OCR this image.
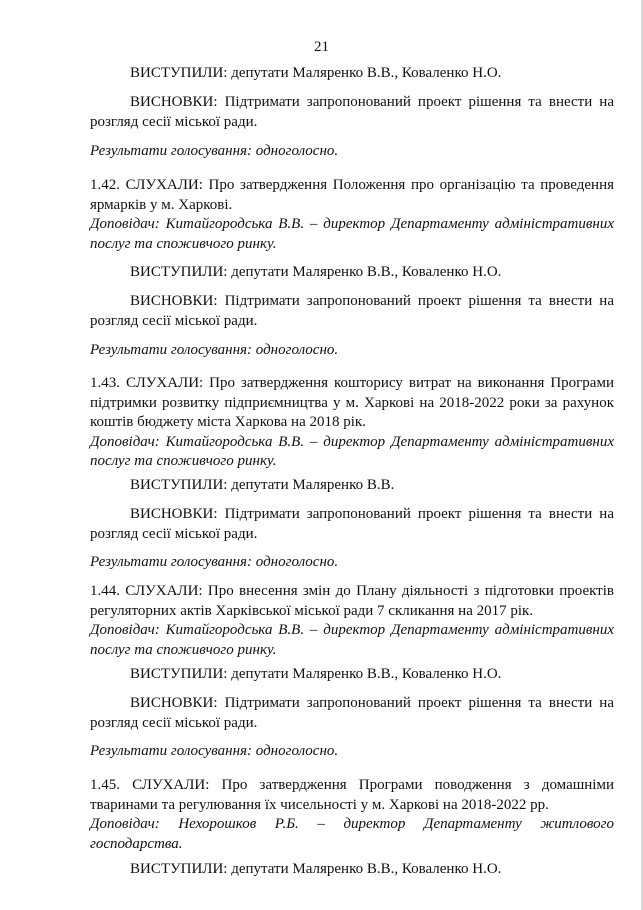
21
ВИСТУПИЛИ: депутати Маляренко В.В., Коваленко Н.О.
ВИСНОВКИ: Підтримати запропонований проект рішення та внести на
розгляд сесії міської ради.
Результати голосування: одноголосно.
1.42. СЛУХАЛИ: Про затвердження Положення про організацію та проведення
ярмарків у м. Харкові.
Доповідач: Китайгородська В.В. – директор Департаменту адміністративних
послуг та споживчого ринку.
ВИСТУПИЛИ: депутати Маляренко В.В., Коваленко Н.О.
ВИСНОВКИ: Підтримати запропонований проект рішення та внести на
розгляд сесії міської ради.
Результати голосування: одноголосно.
1.43. СЛУХАЛИ: Про затвердження кошторису витрат на виконання Програми
підтримки розвитку підприємництва у м. Харкові на 2018-2022 роки за рахунок
коштів бюджету міста Харкова на 2018 рік.
Доповідач: Китайгородська В.В. – директор Департаменту адміністративних
послуг та споживчого ринку.
ВИСТУПИЛИ: депутати Маляренко В.В.
ВИСНОВКИ: Підтримати запропонований проект рішення та внести на
розгляд сесії міської ради.
Результати голосування: одноголосно.
1.44. СЛУХАЛИ: Про внесення змін до Плану діяльності з підготовки проектів
регуляторних актів Харківської міської ради 7 скликання на 2017 рік.
Доповідач: Китайгородська В.В. – директор Департаменту адміністративних
послуг та споживчого ринку.
ВИСТУПИЛИ: депутати Маляренко В.В., Коваленко Н.О.
ВИСНОВКИ: Підтримати запропонований проект рішення та внести на
розгляд сесії міської ради.
Результати голосування: одноголосно.
1.45. СЛУХАЛИ: Про затвердження Програми поводження з домашніми
тваринами та регулювання їх чисельності у м. Харкові на 2018-2022 рр.
Доповідач: Нехорошков Р.Б. – директор Департаменту житлового
господарства.
ВИСТУПИЛИ: депутати Маляренко В.В., Коваленко Н.О.
